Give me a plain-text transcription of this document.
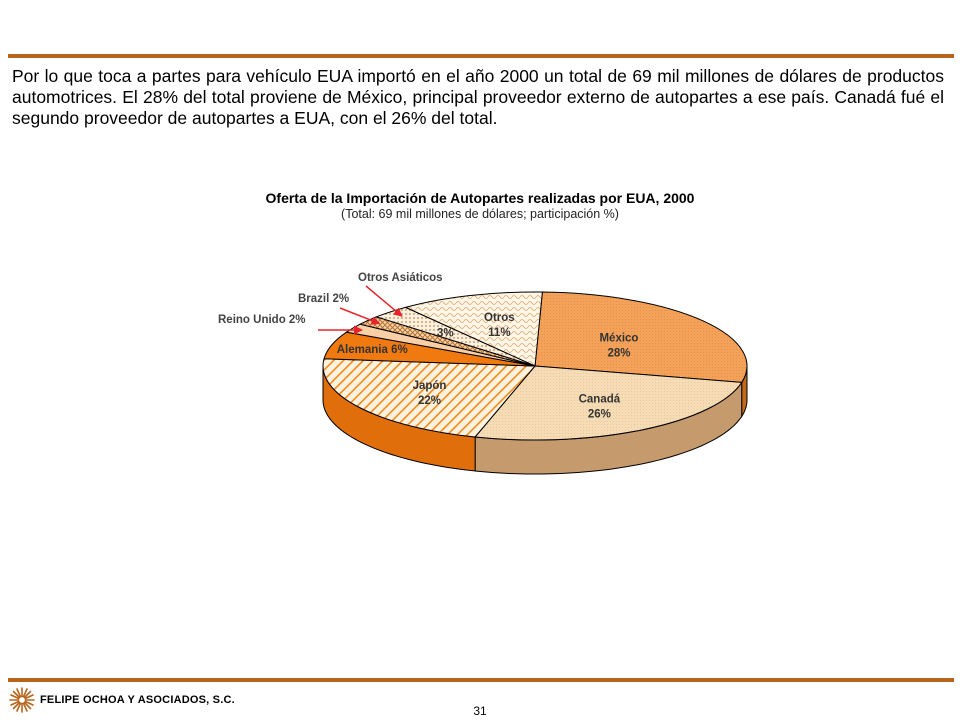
Por lo que toca a partes para vehículo EUA importó en el año 2000 un total de 69 mil millones de dólares de productos automotrices. El 28% del total proviene de México, principal proveedor externo de autopartes a ese país. Canadá fué el segundo proveedor de autopartes a EUA, con el 26% del total.

Oferta de la Importación de Autopartes realizadas por EUA, 2000
(Total: 69 mil millones de dólares; participación %)
México
28%
Canadá
26%
Japón
22%
Otros
11%
Alemania 6%
3%
Otros Asiáticos
Brazil 2%
Reino Unido 2%
FELIPE OCHOA Y ASOCIADOS, S.C.
31
